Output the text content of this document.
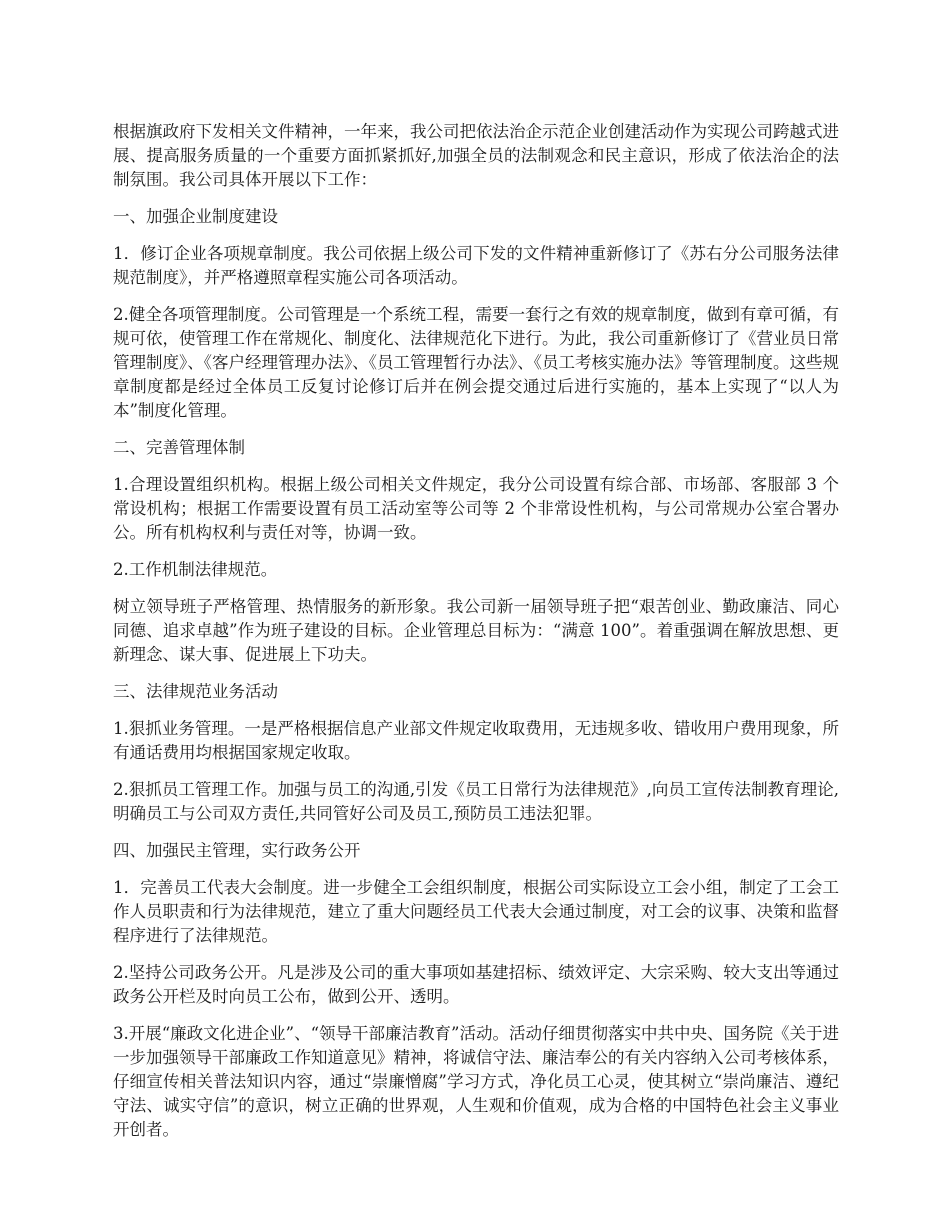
根据旗政府下发相关文件精神，一年来，我公司把依法治企示范企业创建活动作为实现公司跨越式进展、提高服务质量的一个重要方面抓紧抓好,加强全员的法制观念和民主意识，形成了依法治企的法制氛围。我公司具体开展以下工作：

一、加强企业制度建设

1．修订企业各项规章制度。我公司依据上级公司下发的文件精神重新修订了《苏右分公司服务法律规范制度》，并严格遵照章程实施公司各项活动。

2.健全各项管理制度。公司管理是一个系统工程，需要一套行之有效的规章制度，做到有章可循，有规可依，使管理工作在常规化、制度化、法律规范化下进行。为此，我公司重新修订了《营业员日常管理制度》、《客户经理管理办法》、《员工管理暂行办法》、《员工考核实施办法》等管理制度。这些规章制度都是经过全体员工反复讨论修订后并在例会提交通过后进行实施的，基本上实现了“以人为本”制度化管理。

二、完善管理体制

1.合理设置组织机构。根据上级公司相关文件规定，我分公司设置有综合部、市场部、客服部 3 个常设机构；根据工作需要设置有员工活动室等公司等 2 个非常设性机构，与公司常规办公室合署办公。所有机构权利与责任对等，协调一致。

2.工作机制法律规范。

树立领导班子严格管理、热情服务的新形象。我公司新一届领导班子把“艰苦创业、勤政廉洁、同心同德、追求卓越”作为班子建设的目标。企业管理总目标为：“满意 100”。着重强调在解放思想、更新理念、谋大事、促进展上下功夫。

三、法律规范业务活动

1.狠抓业务管理。一是严格根据信息产业部文件规定收取费用，无违规多收、错收用户费用现象，所有通话费用均根据国家规定收取。

2.狠抓员工管理工作。加强与员工的沟通,引发《员工日常行为法律规范》,向员工宣传法制教育理论,明确员工与公司双方责任,共同管好公司及员工,预防员工违法犯罪。

四、加强民主管理，实行政务公开

1．完善员工代表大会制度。进一步健全工会组织制度，根据公司实际设立工会小组，制定了工会工作人员职责和行为法律规范，建立了重大问题经员工代表大会通过制度，对工会的议事、决策和监督程序进行了法律规范。

2.坚持公司政务公开。凡是涉及公司的重大事项如基建招标、绩效评定、大宗采购、较大支出等通过政务公开栏及时向员工公布，做到公开、透明。

3.开展“廉政文化进企业”、“领导干部廉洁教育”活动。活动仔细贯彻落实中共中央、国务院《关于进一步加强领导干部廉政工作知道意见》精神，将诚信守法、廉洁奉公的有关内容纳入公司考核体系，仔细宣传相关普法知识内容，通过“崇廉憎腐”学习方式，净化员工心灵，使其树立“崇尚廉洁、遵纪守法、诚实守信”的意识，树立正确的世界观，人生观和价值观，成为合格的中国特色社会主义事业开创者。
